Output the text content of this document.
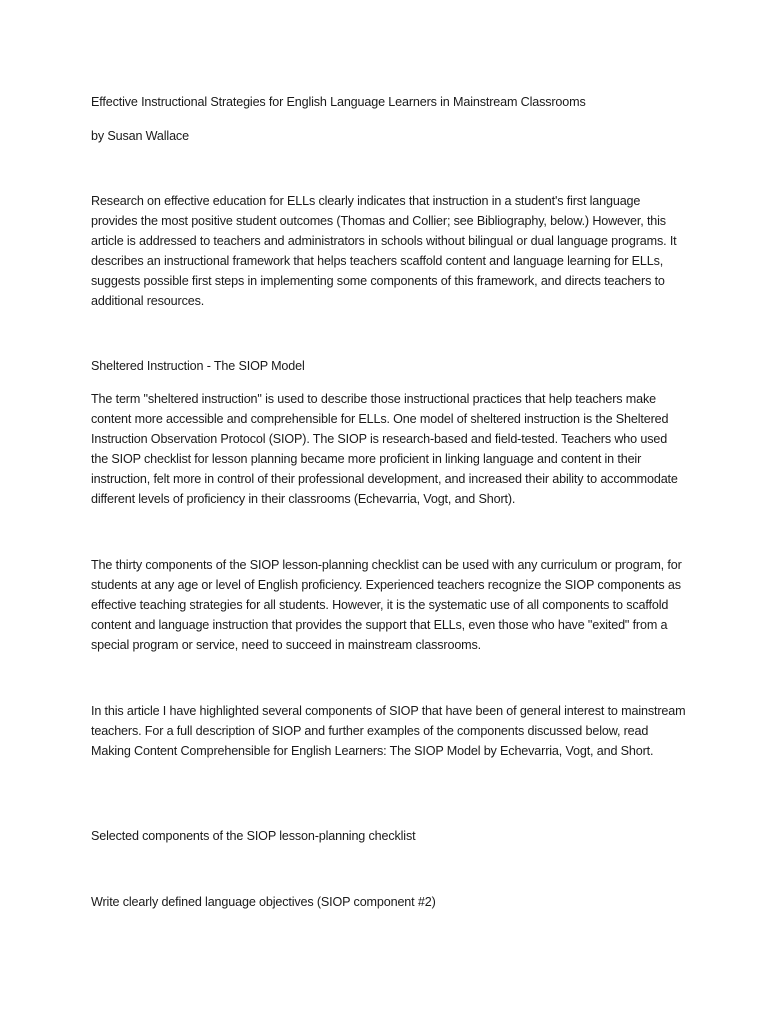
Effective Instructional Strategies for English Language Learners in Mainstream Classrooms

by Susan Wallace

Research on effective education for ELLs clearly indicates that instruction in a student's first language provides the most positive student outcomes (Thomas and Collier; see Bibliography, below.) However, this article is addressed to teachers and administrators in schools without bilingual or dual language programs. It describes an instructional framework that helps teachers scaffold content and language learning for ELLs, suggests possible first steps in implementing some components of this framework, and directs teachers to additional resources.

Sheltered Instruction - The SIOP Model

The term "sheltered instruction" is used to describe those instructional practices that help teachers make content more accessible and comprehensible for ELLs. One model of sheltered instruction is the Sheltered Instruction Observation Protocol (SIOP). The SIOP is research-based and field-tested. Teachers who used the SIOP checklist for lesson planning became more proficient in linking language and content in their instruction, felt more in control of their professional development, and increased their ability to accommodate different levels of proficiency in their classrooms (Echevarria, Vogt, and Short).

The thirty components of the SIOP lesson-planning checklist can be used with any curriculum or program, for students at any age or level of English proficiency. Experienced teachers recognize the SIOP components as effective teaching strategies for all students. However, it is the systematic use of all components to scaffold content and language instruction that provides the support that ELLs, even those who have "exited" from a special program or service, need to succeed in mainstream classrooms.

In this article I have highlighted several components of SIOP that have been of general interest to mainstream teachers. For a full description of SIOP and further examples of the components discussed below, read Making Content Comprehensible for English Learners: The SIOP Model by Echevarria, Vogt, and Short.

Selected components of the SIOP lesson-planning checklist

Write clearly defined language objectives (SIOP component #2)
